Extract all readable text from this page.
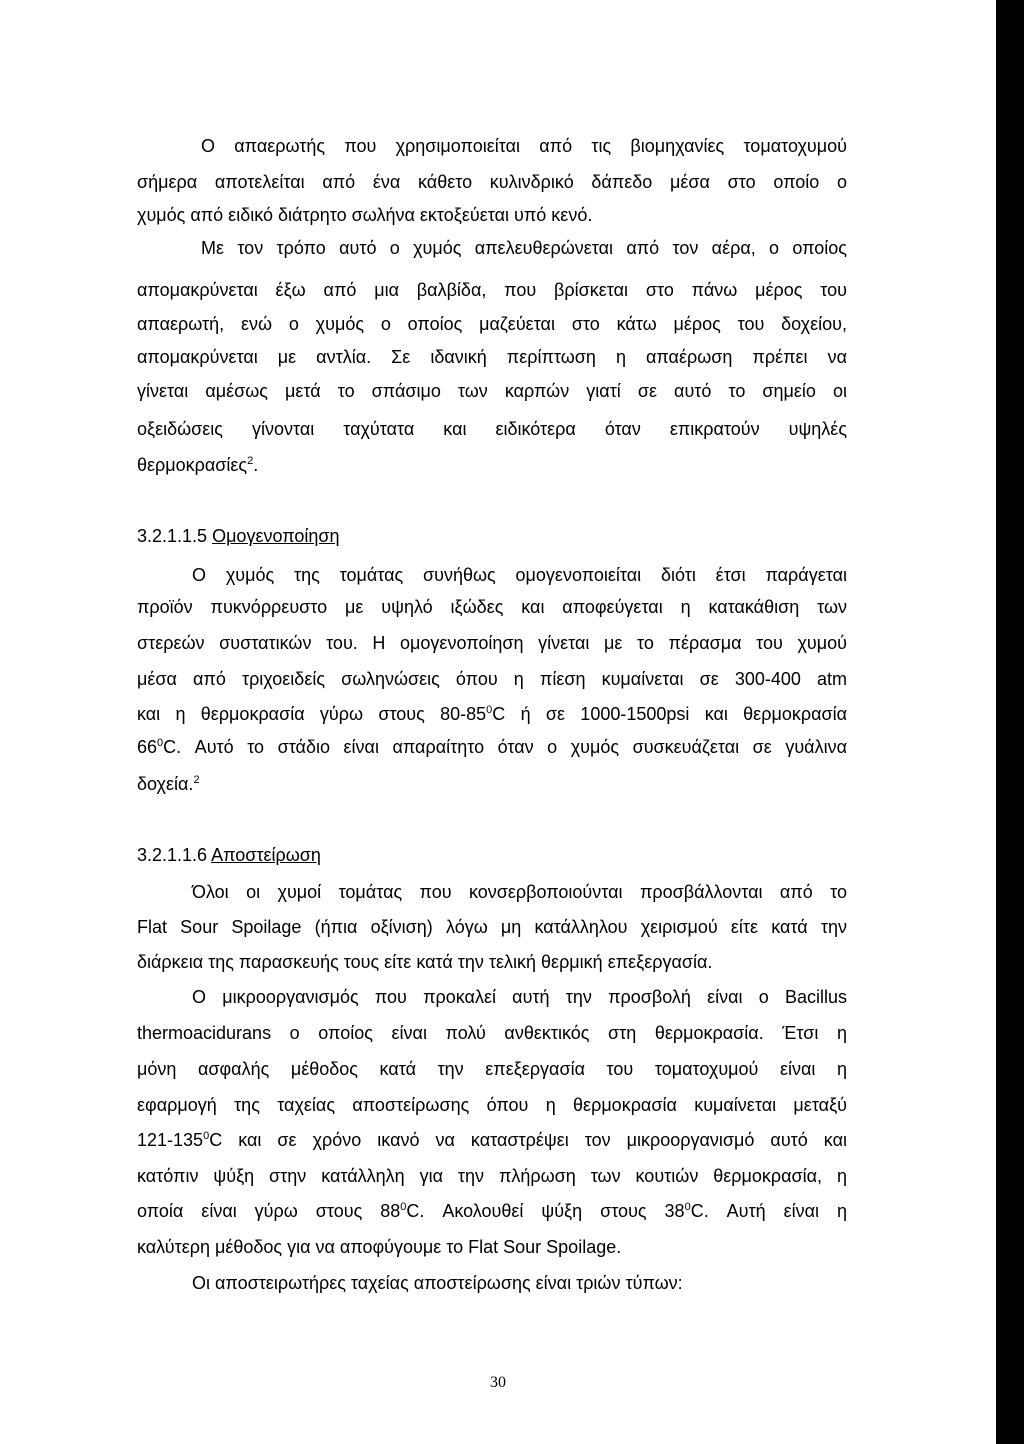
Ο απαερωτής που χρησιμοποιείται από τις βιομηχανίες τοματοχυμού
σήμερα αποτελείται από ένα κάθετο κυλινδρικό δάπεδο μέσα στο οποίο ο
χυμός από ειδικό διάτρητο σωλήνα εκτοξεύεται υπό κενό.
Με τον τρόπο αυτό ο χυμός απελευθερώνεται από τον αέρα, ο οποίος
απομακρύνεται έξω από μια βαλβίδα, που βρίσκεται στο πάνω μέρος του
απαερωτή, ενώ ο χυμός ο οποίος μαζεύεται στο κάτω μέρος του δοχείου,
απομακρύνεται με αντλία. Σε ιδανική περίπτωση η απαέρωση πρέπει να
γίνεται αμέσως μετά το σπάσιμο των καρπών γιατί σε αυτό το σημείο οι
οξειδώσεις γίνονται ταχύτατα και ειδικότερα όταν επικρατούν υψηλές
θερμοκρασίες$^2$.
3.2.1.1.5 Ομογενοποίηση
Ο χυμός της τομάτας συνήθως ομογενοποιείται διότι έτσι παράγεται
προϊόν πυκνόρρευστο με υψηλό ιξώδες και αποφεύγεται η κατακάθιση των
στερεών συστατικών του. Η ομογενοποίηση γίνεται με το πέρασμα του χυμού
μέσα από τριχοειδείς σωληνώσεις όπου η πίεση κυμαίνεται σε 300-400 atm
και η θερμοκρασία γύρω στους $80-85^0C$ ή σε 1000-1500psi και θερμοκρασία
$66^0C$. Αυτό το στάδιο είναι απαραίτητο όταν ο χυμός συσκευάζεται σε γυάλινα
δοχεία.$^2$
3.2.1.1.6 Αποστείρωση
Όλοι οι χυμοί τομάτας που κονσερβοποιούνται προσβάλλονται από το
Flat Sour Spoilage (ήπια οξίνιση) λόγω μη κατάλληλου χειρισμού είτε κατά την
διάρκεια της παρασκευής τους είτε κατά την τελική θερμική επεξεργασία.
Ο μικροοργανισμός που προκαλεί αυτή την προσβολή είναι ο Bacillus
thermoacidurans ο οποίος είναι πολύ ανθεκτικός στη θερμοκρασία. Έτσι η
μόνη ασφαλής μέθοδος κατά την επεξεργασία του τοματοχυμού είναι η
εφαρμογή της ταχείας αποστείρωσης όπου η θερμοκρασία κυμαίνεται μεταξύ
$121-135^0C$ και σε χρόνο ικανό να καταστρέψει τον μικροοργανισμό αυτό και
κατόπιν ψύξη στην κατάλληλη για την πλήρωση των κουτιών θερμοκρασία, η
οποία είναι γύρω στους $88^0C$. Ακολουθεί ψύξη στους $38^0C$. Αυτή είναι η
καλύτερη μέθοδος για να αποφύγουμε το Flat Sour Spoilage.
Οι αποστειρωτήρες ταχείας αποστείρωσης είναι τριών τύπων:
30
